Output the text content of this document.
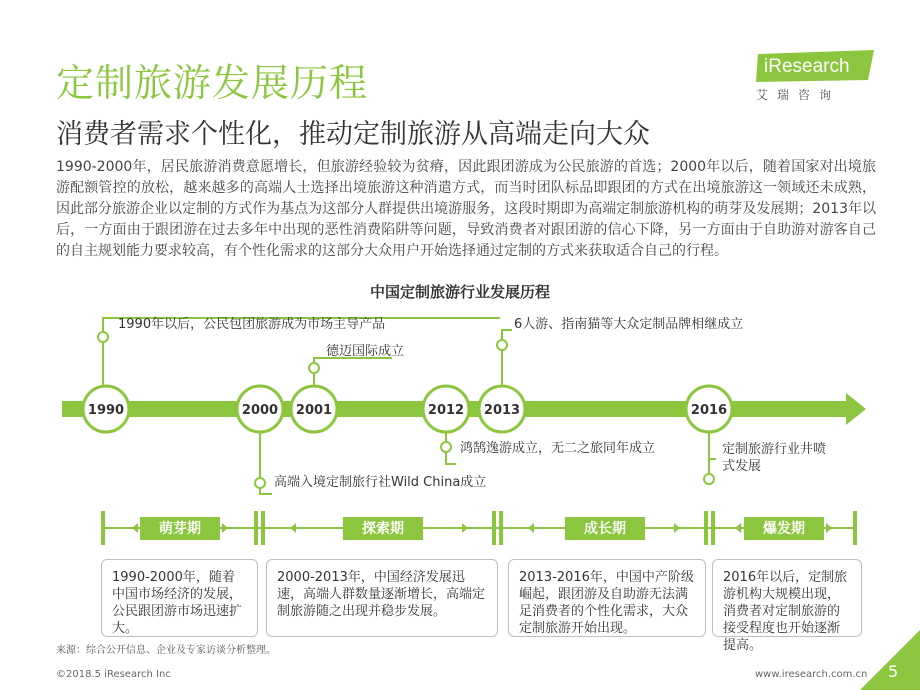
定制旅游发展历程
消费者需求个性化，推动定制旅游从高端走向大众
iResearch
艾瑞咨询
1990-2000年，居民旅游消费意愿增长，但旅游经验较为贫瘠，因此跟团游成为公民旅游的首选；2000年以后，随着国家对出境旅游配额管控的放松，越来越多的高端人士选择出境旅游这种消遣方式，而当时团队标品即跟团的方式在出境旅游这一领域还未成熟，因此部分旅游企业以定制的方式作为基点为这部分人群提供出境游服务，这段时期即为高端定制旅游机构的萌芽及发展期；2013年以后，一方面由于跟团游在过去多年中出现的恶性消费陷阱等问题，导致消费者对跟团游的信心下降，另一方面由于自助游对游客自己的自主规划能力要求较高，有个性化需求的这部分大众用户开始选择通过定制的方式来获取适合自己的行程。
中国定制旅游行业发展历程
1990	2000 2001	2012 2013	2016
萌芽期	探索期	成长期	爆发期
1990年以后，公民包团旅游成为市场主导产品
德迈国际成立
6人游、指南猫等大众定制品牌相继成立
鸿鹄逸游成立，无二之旅同年成立
高端入境定制旅行社Wild China成立
定制旅游行业井喷
式发展
1990-2000年，随着中国市场经济的发展，公民跟团游市场迅速扩大。
2000-2013年，中国经济发展迅速，高端人群数量逐渐增长，高端定制旅游随之出现并稳步发展。
2013-2016年，中国中产阶级崛起，跟团游及自助游无法满足消费者的个性化需求，大众定制旅游开始出现。
2016年以后，定制旅游机构大规模出现，消费者对定制旅游的接受程度也开始逐渐提高。
来源：综合公开信息、企业及专家访谈分析整理。
©2018.5 iResearch Inc	www.iresearch.com.cn 5
